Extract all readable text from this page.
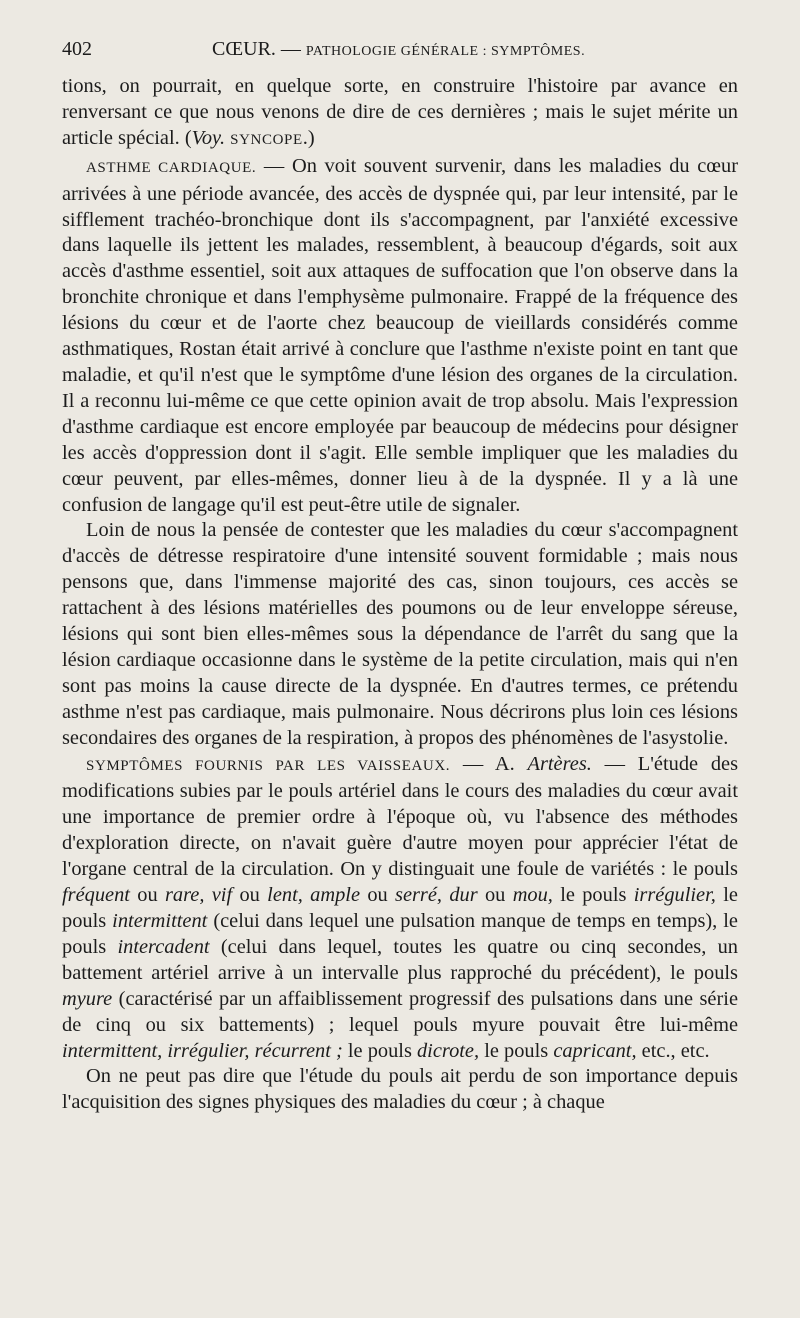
402	CŒUR. — PATHOLOGIE GÉNÉRALE : SYMPTÔMES.

tions, on pourrait, en quelque sorte, en construire l'histoire par avance en renversant ce que nous venons de dire de ces dernières ; mais le sujet mérite un article spécial. (Voy. SYNCOPE.)

ASTHME CARDIAQUE. — On voit souvent survenir, dans les maladies du cœur arrivées à une période avancée, des accès de dyspnée qui, par leur intensité, par le sifflement trachéo-bronchique dont ils s'accompagnent, par l'anxiété excessive dans laquelle ils jettent les malades, ressemblent, à beaucoup d'égards, soit aux accès d'asthme essentiel, soit aux attaques de suffocation que l'on observe dans la bronchite chronique et dans l'emphysème pulmonaire. Frappé de la fréquence des lésions du cœur et de l'aorte chez beaucoup de vieillards considérés comme asthmatiques, Rostan était arrivé à conclure que l'asthme n'existe point en tant que maladie, et qu'il n'est que le symptôme d'une lésion des organes de la circulation. Il a reconnu lui-même ce que cette opinion avait de trop absolu. Mais l'expression d'asthme cardiaque est encore employée par beaucoup de médecins pour désigner les accès d'oppression dont il s'agit. Elle semble impliquer que les maladies du cœur peuvent, par elles-mêmes, donner lieu à de la dyspnée. Il y a là une confusion de langage qu'il est peut-être utile de signaler.

Loin de nous la pensée de contester que les maladies du cœur s'accompagnent d'accès de détresse respiratoire d'une intensité souvent formidable ; mais nous pensons que, dans l'immense majorité des cas, sinon toujours, ces accès se rattachent à des lésions matérielles des poumons ou de leur enveloppe séreuse, lésions qui sont bien elles-mêmes sous la dépendance de l'arrêt du sang que la lésion cardiaque occasionne dans le système de la petite circulation, mais qui n'en sont pas moins la cause directe de la dyspnée. En d'autres termes, ce prétendu asthme n'est pas cardiaque, mais pulmonaire. Nous décrirons plus loin ces lésions secondaires des organes de la respiration, à propos des phénomènes de l'asystolie.

SYMPTÔMES FOURNIS PAR LES VAISSEAUX. — A. Artères. — L'étude des modifications subies par le pouls artériel dans le cours des maladies du cœur avait une importance de premier ordre à l'époque où, vu l'absence des méthodes d'exploration directe, on n'avait guère d'autre moyen pour apprécier l'état de l'organe central de la circulation. On y distinguait une foule de variétés : le pouls fréquent ou rare, vif ou lent, ample ou serré, dur ou mou, le pouls irrégulier, le pouls intermittent (celui dans lequel une pulsation manque de temps en temps), le pouls intercadent (celui dans lequel, toutes les quatre ou cinq secondes, un battement artériel arrive à un intervalle plus rapproché du précédent), le pouls myure (caractérisé par un affaiblissement progressif des pulsations dans une série de cinq ou six battements) ; lequel pouls myure pouvait être lui-même intermittent, irrégulier, récurrent ; le pouls dicrote, le pouls capricant, etc., etc.

On ne peut pas dire que l'étude du pouls ait perdu de son importance depuis l'acquisition des signes physiques des maladies du cœur ; à chaque
